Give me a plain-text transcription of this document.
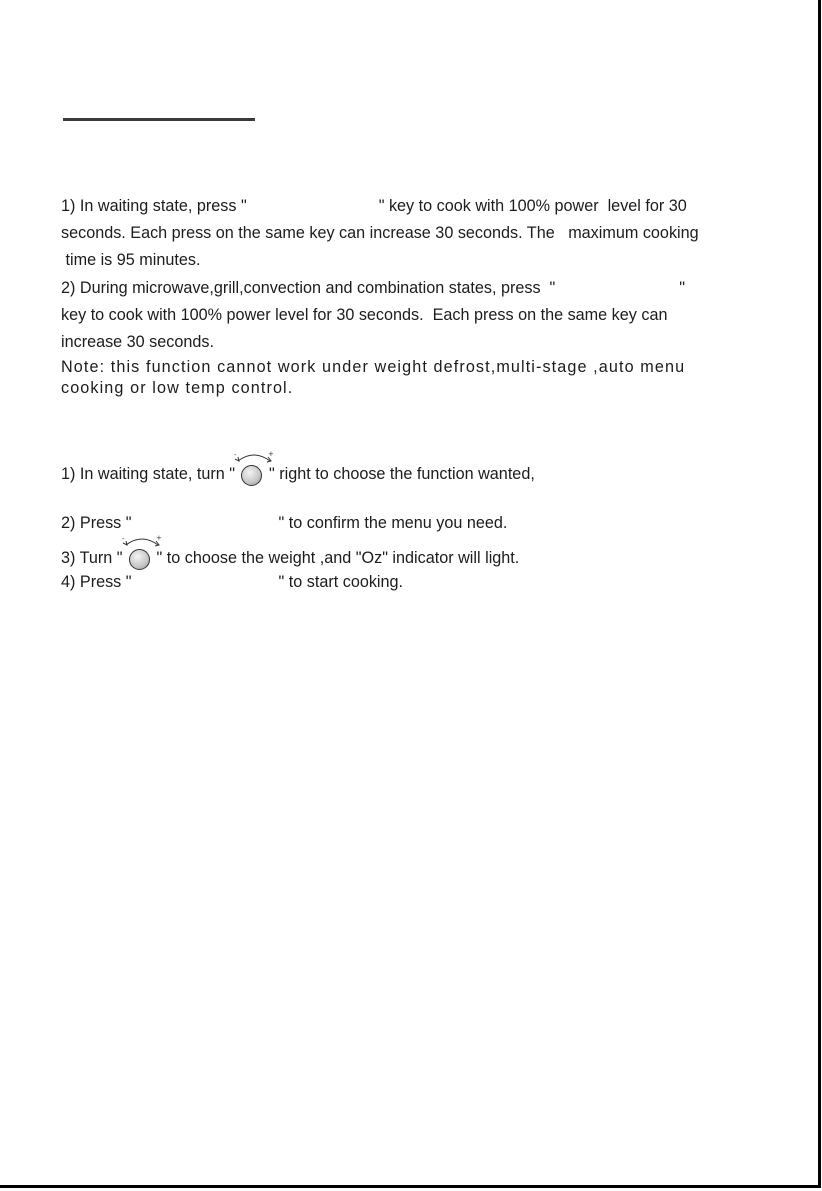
1) In waiting state, press "	" key to cook with 100% power  level for 30
seconds. Each press on the same key can increase 30 seconds. The   maximum cooking
time is 95 minutes.
2) During microwave,grill,convection and combination states, press  "	"
key to cook with 100% power level for 30 seconds.  Each press on the same key can
increase 30 seconds.
Note: this function cannot work under weight defrost,multi-stage ,auto menu
cooking or low temp control.
1) In waiting state, turn "
-	+
" right to choose the function wanted,
2) Press "	" to confirm the menu you need.
3) Turn "
-	+
" to choose the weight ,and "Oz" indicator will light.
4) Press "	" to start cooking.
